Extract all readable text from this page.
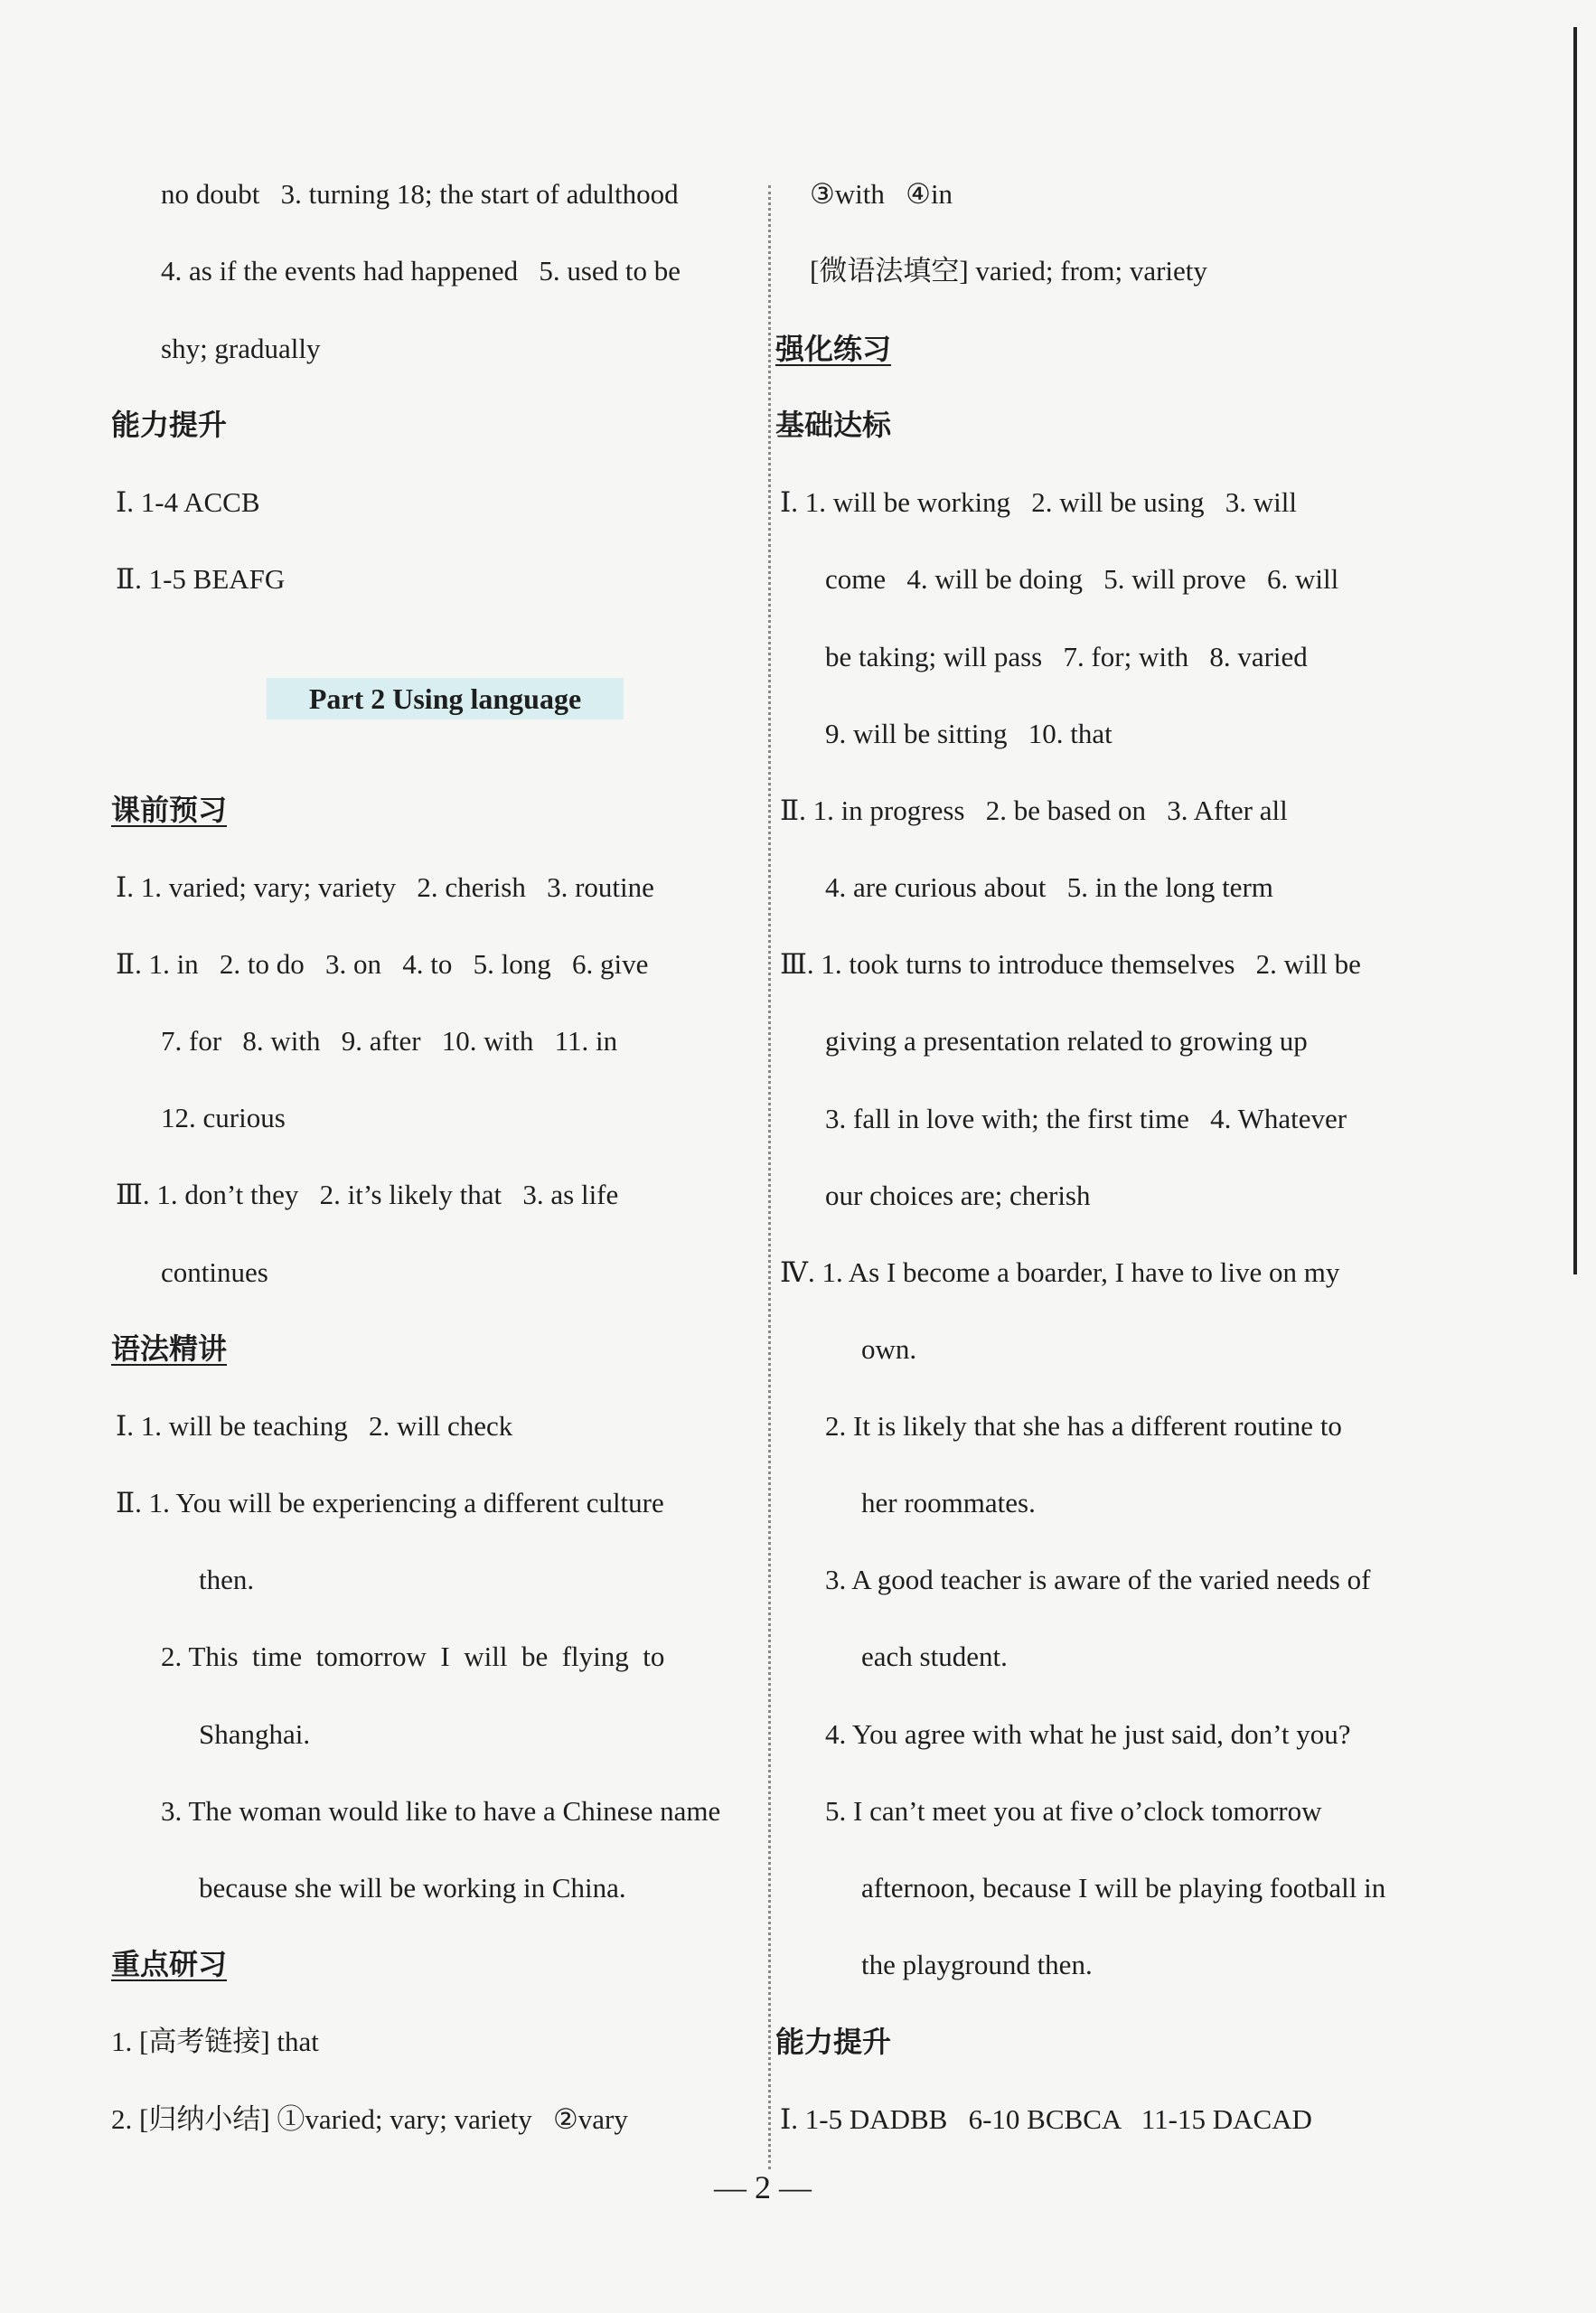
no doubt   3. turning 18; the start of adulthood
4. as if the events had happened   5. used to be
shy; gradually
能力提升
Ⅰ. 1-4 ACCB
Ⅱ. 1-5 BEAFG
Part 2 Using language
课前预习
Ⅰ. 1. varied; vary; variety   2. cherish   3. routine
Ⅱ. 1. in   2. to do   3. on   4. to   5. long   6. give
7. for   8. with   9. after   10. with   11. in
12. curious
Ⅲ. 1. don’t they   2. it’s likely that   3. as life
continues
语法精讲
Ⅰ. 1. will be teaching   2. will check
Ⅱ. 1. You will be experiencing a different culture
then.
2. This  time  tomorrow  I  will  be  flying  to
Shanghai.
3. The woman would like to have a Chinese name
because she will be working in China.
重点研习
1. [高考链接] that
2. [归纳小结] ①varied; vary; variety   ②vary
③with   ④in
[微语法填空] varied; from; variety
强化练习
基础达标
Ⅰ. 1. will be working   2. will be using   3. will
come   4. will be doing   5. will prove   6. will
be taking; will pass   7. for; with   8. varied
9. will be sitting   10. that
Ⅱ. 1. in progress   2. be based on   3. After all
4. are curious about   5. in the long term
Ⅲ. 1. took turns to introduce themselves   2. will be
giving a presentation related to growing up
3. fall in love with; the first time   4. Whatever
our choices are; cherish
Ⅳ. 1. As I become a boarder, I have to live on my
own.
2. It is likely that she has a different routine to
her roommates.
3. A good teacher is aware of the varied needs of
each student.
4. You agree with what he just said, don’t you?
5. I can’t meet you at five o’clock tomorrow
afternoon, because I will be playing football in
the playground then.
能力提升
Ⅰ. 1-5 DADBB   6-10 BCBCA   11-15 DACAD
— 2 —
